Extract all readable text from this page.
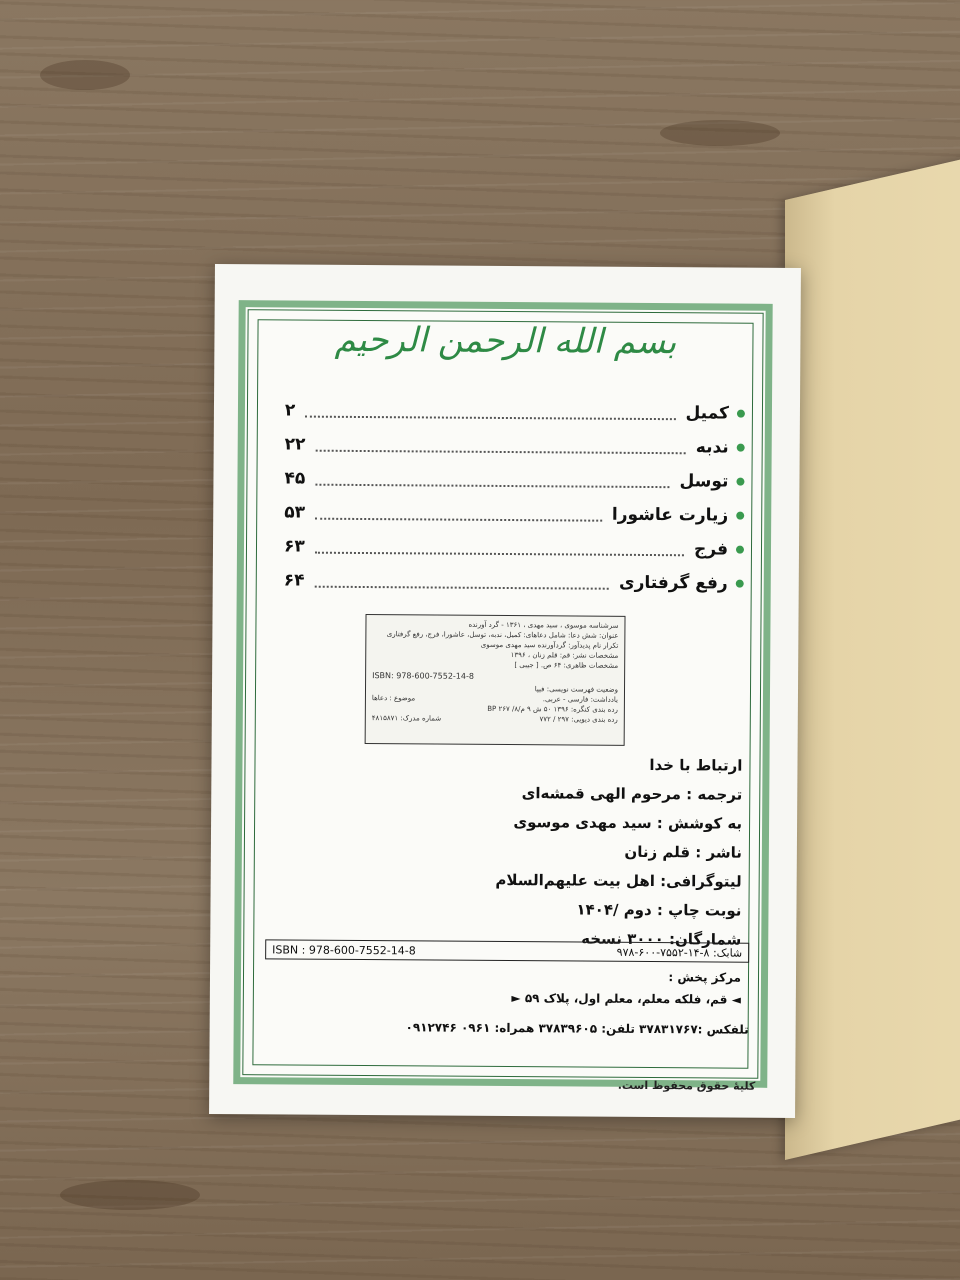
بسم الله الرحمن الرحیم
کمیل
۲
ندبه
۲۲
توسل
۴۵
زیارت عاشورا
۵۳
فرج
۶۳
رفع گرفتاری
۶۴
سرشناسه موسوی ، سید مهدی ، ۱۳۶۱ - گرد آورنده
عنوان: شش دعا: شامل دعاهای: کمیل، ندبه، توسل، عاشورا، فرج، رفع گرفتاری
تکرار نام پدیدآور: گردآورنده سید مهدی موسوی
مشخصات نشر: قم: قلم زنان ، ۱۳۹۶
مشخصات ظاهری: ۶۴ ص. [ جیبی ]
ISBN: 978-600-7552-14-8
وضعیت فهرست نویسی: فیپا
یادداشت: فارسی - عربی.
موضوع : دعاها
رده بندی کنگره: ۱۳۹۶ ۵۰ ش ۹ م/۸/ ۲۶۷ BP
رده بندی دیویی: ۲۹۷ / ۷۷۲
شماره مدرک: ۴۸۱۵۸۷۱
ارتباط با خدا
ترجمه : مرحوم الهی قمشه‌ای
به کوشش : سید مهدی موسوی
ناشر : قلم زنان
لیتوگرافی: اهل بیت علیهم‌السلام
نوبت چاپ : دوم /۱۴۰۴
شمارگان: ۳۰۰۰ نسخه
ISBN : 978-600-7552-14-8	شابک: ۸-۱۴-۷۵۵۲-۶۰۰-۹۷۸
مرکز پخش :
◄ قم، فلکه معلم، معلم اول، پلاک ۵۹ ►
تلفکس :۳۷۸۳۱۷۶۷ تلفن: ۳۷۸۳۹۶۰۵ همراه: ۰۹۶۱ ۰۹۱۲۷۴۶
کلیهٔ حقوق محفوظ است.
